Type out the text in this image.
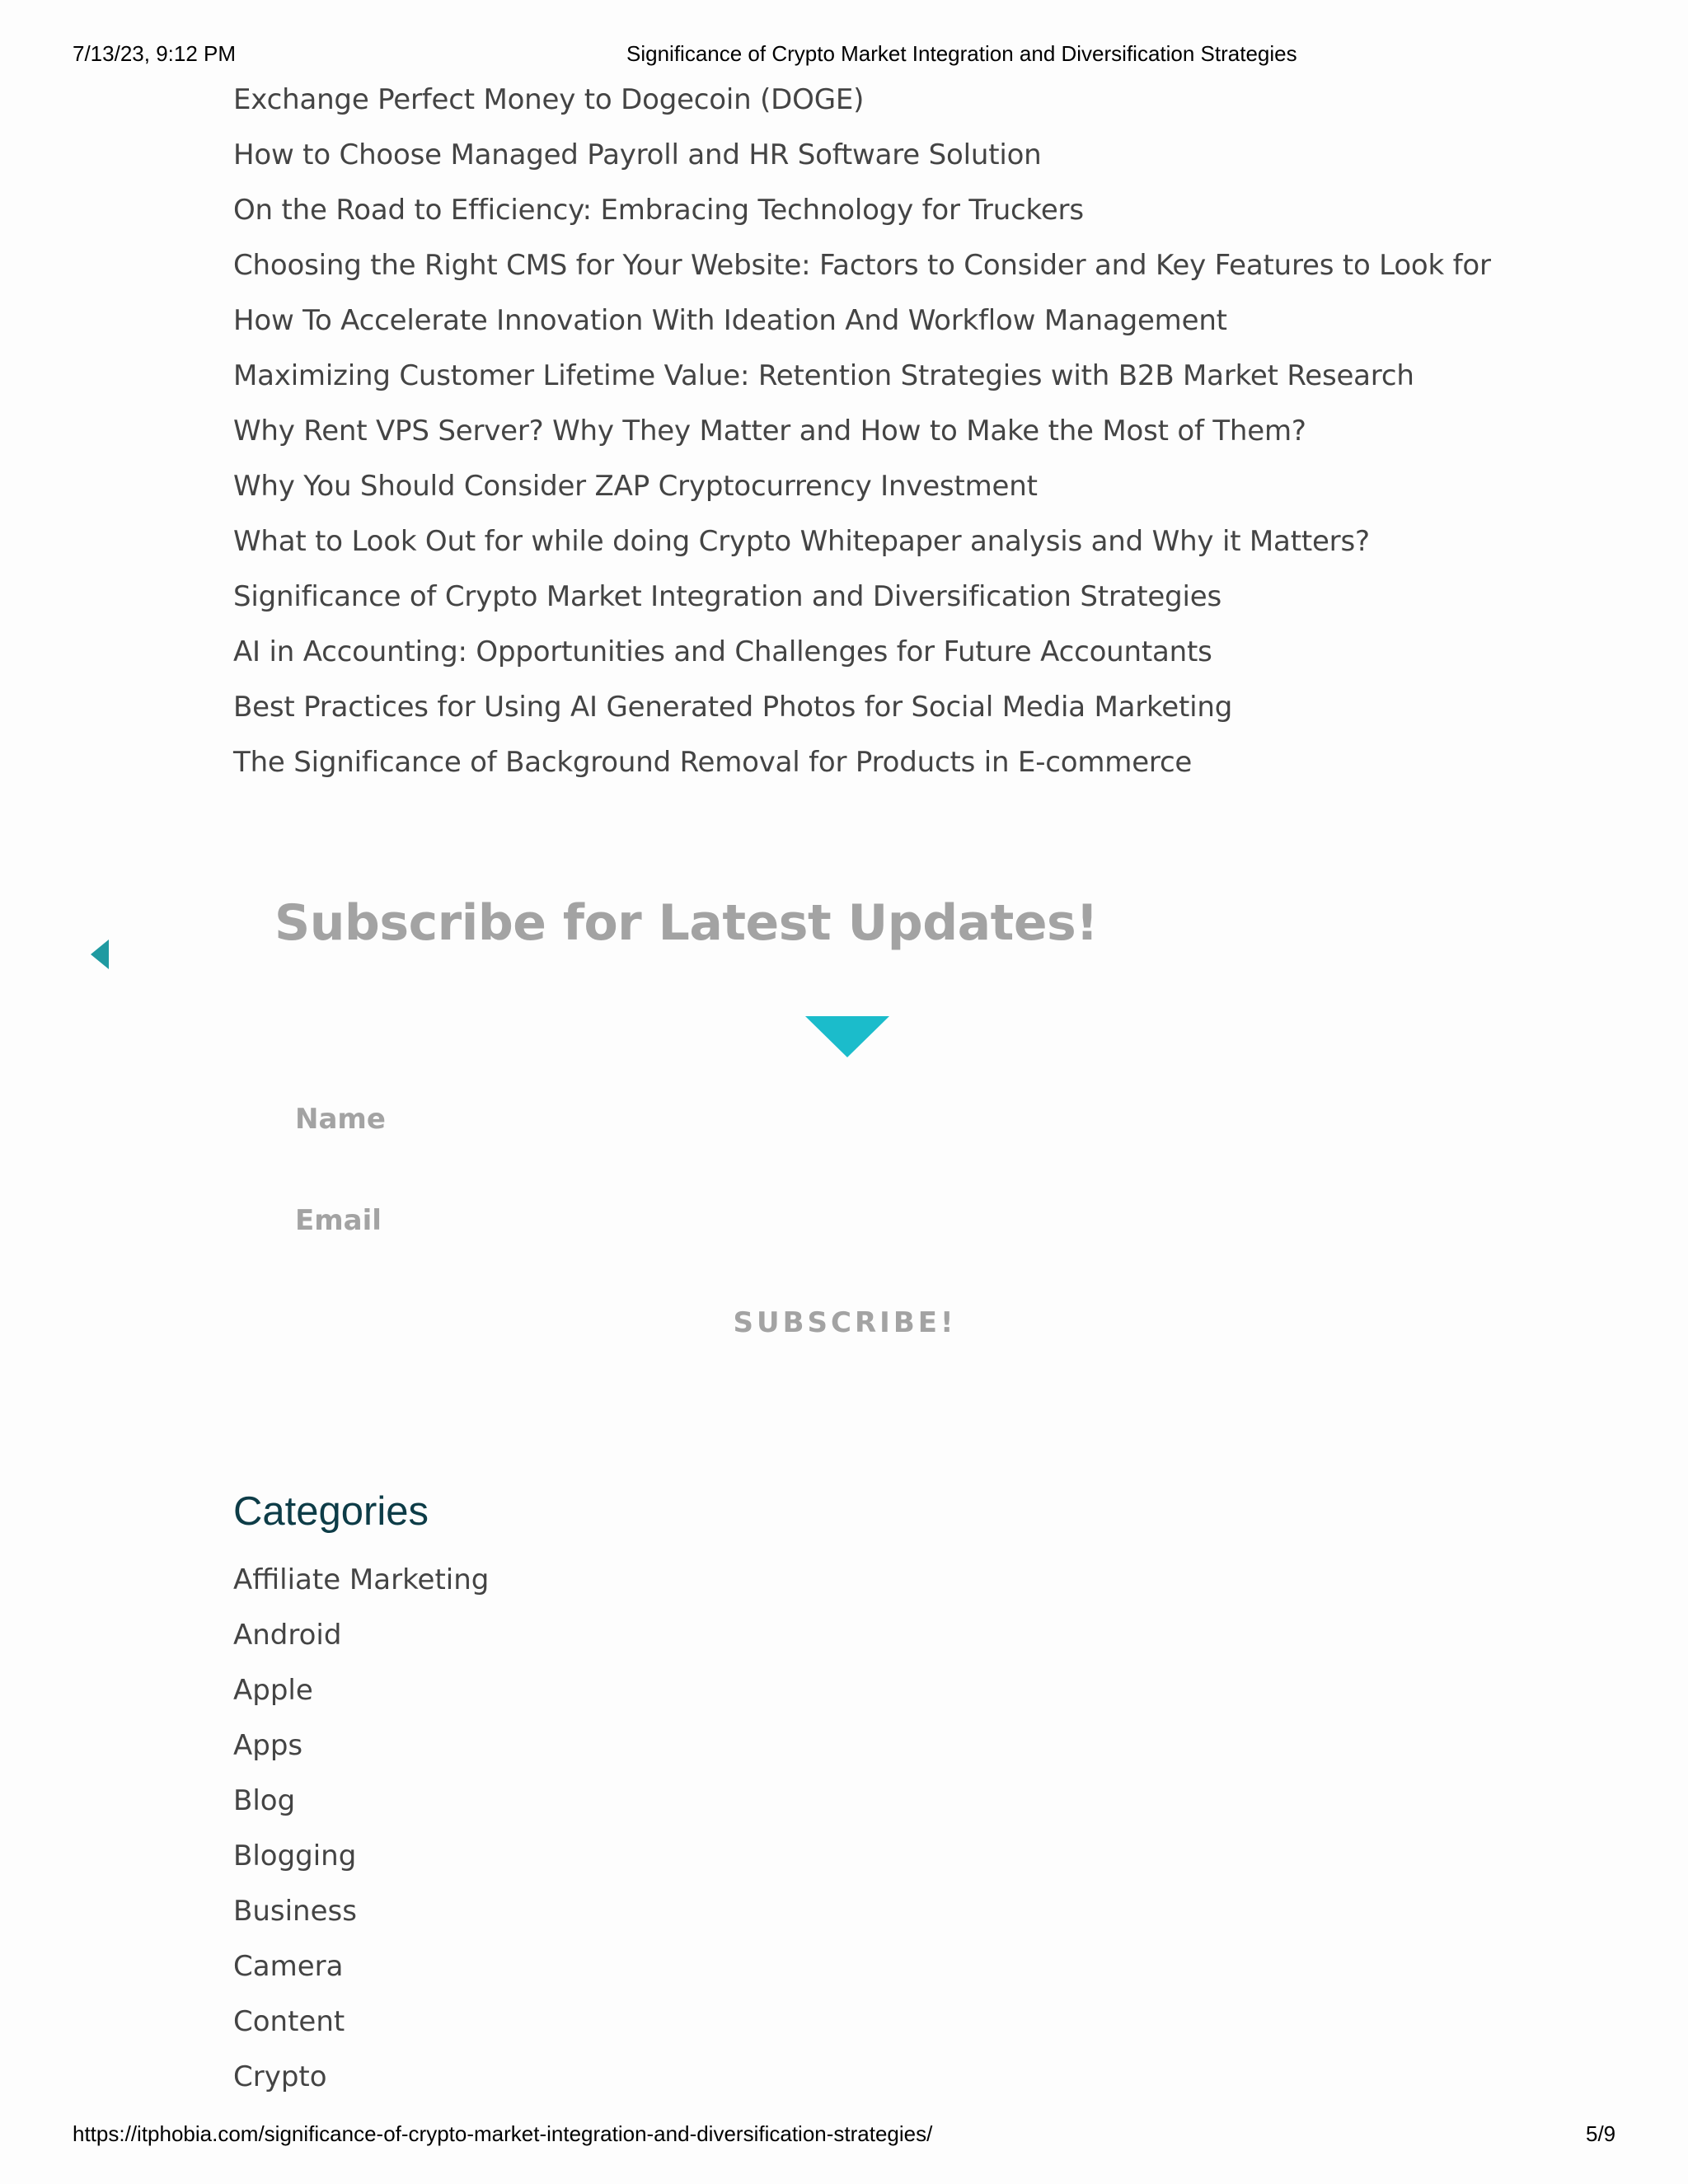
7/13/23, 9:12 PM	Significance of Crypto Market Integration and Diversification Strategies
Exchange Perfect Money to Dogecoin (DOGE)
How to Choose Managed Payroll and HR Software Solution
On the Road to Efficiency: Embracing Technology for Truckers
Choosing the Right CMS for Your Website: Factors to Consider and Key Features to Look for
How To Accelerate Innovation With Ideation And Workflow Management
Maximizing Customer Lifetime Value: Retention Strategies with B2B Market Research
Why Rent VPS Server? Why They Matter and How to Make the Most of Them?
Why You Should Consider ZAP Cryptocurrency Investment
What to Look Out for while doing Crypto Whitepaper analysis and Why it Matters?
Significance of Crypto Market Integration and Diversification Strategies
AI in Accounting: Opportunities and Challenges for Future Accountants
Best Practices for Using AI Generated Photos for Social Media Marketing
The Significance of Background Removal for Products in E-commerce
Subscribe for Latest Updates!
Name
Email
SUBSCRIBE!
Categories
Affiliate Marketing
Android
Apple
Apps
Blog
Blogging
Business
Camera
Content
Crypto
https://itphobia.com/significance-of-crypto-market-integration-and-diversification-strategies/	5/9
